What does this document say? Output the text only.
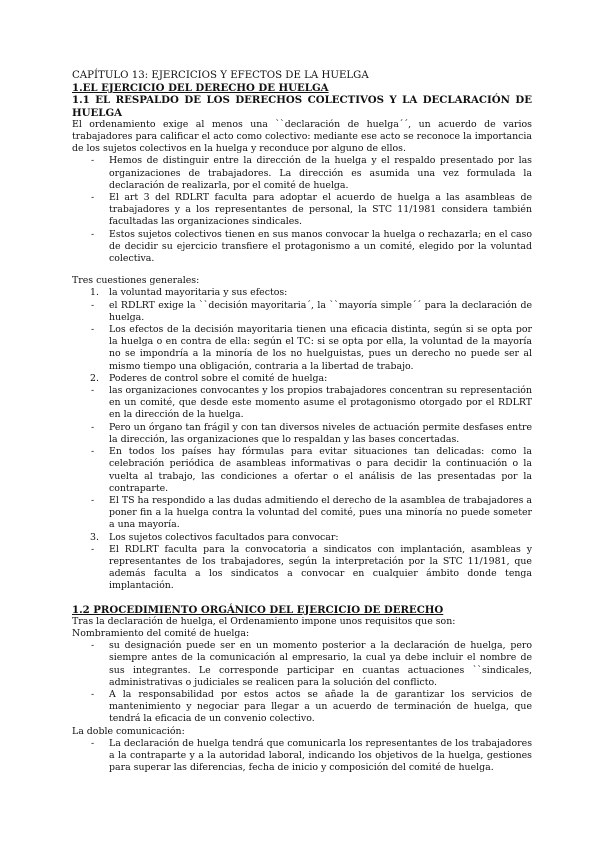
CAPÍTULO 13: EJERCICIOS Y EFECTOS DE LA HUELGA
1.EL EJERCICIO DEL DERECHO DE HUELGA
1.1 EL RESPALDO DE LOS DERECHOS COLECTIVOS Y LA DECLARACIÓN DE HUELGA

El ordenamiento exige al menos una ``declaración de huelga´´, un acuerdo de varios trabajadores para calificar el acto como colectivo: mediante ese acto se reconoce la importancia de los sujetos colectivos en la huelga y reconduce por alguno de ellos.

- Hemos de distinguir entre la dirección de la huelga y el respaldo presentado por las organizaciones de trabajadores. La dirección es asumida una vez formulada la declaración de realizarla, por el comité de huelga.
- El art 3 del RDLRT faculta para adoptar el acuerdo de huelga a las asambleas de trabajadores y a los representantes de personal, la STC 11/1981 considera también facultadas las organizaciones sindicales.
- Estos sujetos colectivos tienen en sus manos convocar la huelga o rechazarla; en el caso de decidir su ejercicio transfiere el protagonismo a un comité, elegido por la voluntad colectiva.

Tres cuestiones generales:

1. la voluntad mayoritaria y sus efectos:
- el RDLRT exige la ``decisión mayoritaria´, la ``mayoría simple´´ para la declaración de huelga.
- Los efectos de la decisión mayoritaria tienen una eficacia distinta, según si se opta por la huelga o en contra de ella: según el TC: si se opta por ella, la voluntad de la mayoría no se impondría a la minoría de los no huelguistas, pues un derecho no puede ser al mismo tiempo una obligación, contraria a la libertad de trabajo.
2. Poderes de control sobre el comité de huelga:
- las organizaciones convocantes y los propios trabajadores concentran su representación en un comité, que desde este momento asume el protagonismo otorgado por el RDLRT en la dirección de la huelga.
- Pero un órgano tan frágil y con tan diversos niveles de actuación permite desfases entre la dirección, las organizaciones que lo respaldan y las bases concertadas.
- En todos los países hay fórmulas para evitar situaciones tan delicadas: como la celebración periódica de asambleas informativas o para decidir la continuación o la vuelta al trabajo, las condiciones a ofertar o el análisis de las presentadas por la contraparte.
- El TS ha respondido a las dudas admitiendo el derecho de la asamblea de trabajadores a poner fin a la huelga contra la voluntad del comité, pues una minoría no puede someter a una mayoría.
3. Los sujetos colectivos facultados para convocar:
- El RDLRT faculta para la convocatoria a sindicatos con implantación, asambleas y representantes de los trabajadores, según la interpretación por la STC 11/1981, que además faculta a los sindicatos a convocar en cualquier ámbito donde tenga implantación.
1.2 PROCEDIMIENTO ORGÁNICO DEL EJERCICIO DE DERECHO

Tras la declaración de huelga, el Ordenamiento impone unos requisitos que son:

Nombramiento del comité de huelga:

- su designación puede ser en un momento posterior a la declaración de huelga, pero siempre antes de la comunicación al empresario, la cual ya debe incluir el nombre de sus integrantes. Le corresponde participar en cuantas actuaciones ``sindicales, administrativas o judiciales se realicen para la solución del conflicto.
- A la responsabilidad por estos actos se añade la de garantizar los servicios de mantenimiento y negociar para llegar a un acuerdo de terminación de huelga, que tendrá la eficacia de un convenio colectivo.

La doble comunicación:

- La declaración de huelga tendrá que comunicarla los representantes de los trabajadores a la contraparte y a la autoridad laboral, indicando los objetivos de la huelga, gestiones para superar las diferencias, fecha de inicio y composición del comité de huelga.
